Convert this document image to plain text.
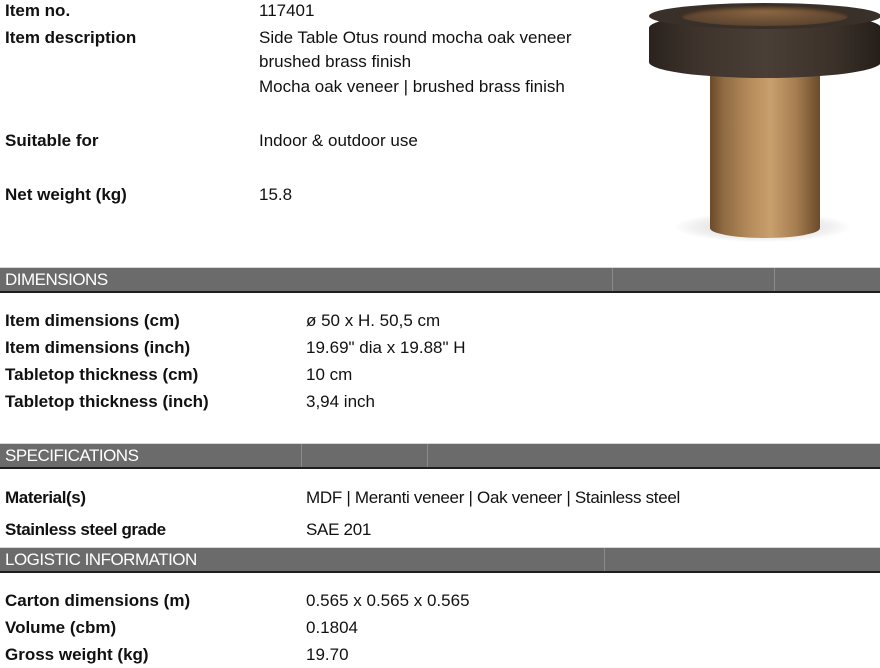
Item no.	117401
Item description	Side Table Otus round mocha oak veneer
brushed brass finish
Mocha oak veneer | brushed brass finish
Suitable for	Indoor & outdoor use
Net weight (kg)	15.8
DIMENSIONS
Item dimensions (cm)	ø 50 x H. 50,5 cm
Item dimensions (inch)	19.69" dia x 19.88" H
Tabletop thickness (cm)	10 cm
Tabletop thickness (inch)	3,94 inch
SPECIFICATIONS
Material(s)	MDF | Meranti veneer | Oak veneer | Stainless steel
Stainless steel grade	SAE 201
LOGISTIC INFORMATION
Carton dimensions (m)	0.565 x 0.565 x 0.565
Volume (cbm)	0.1804
Gross weight (kg)	19.70
